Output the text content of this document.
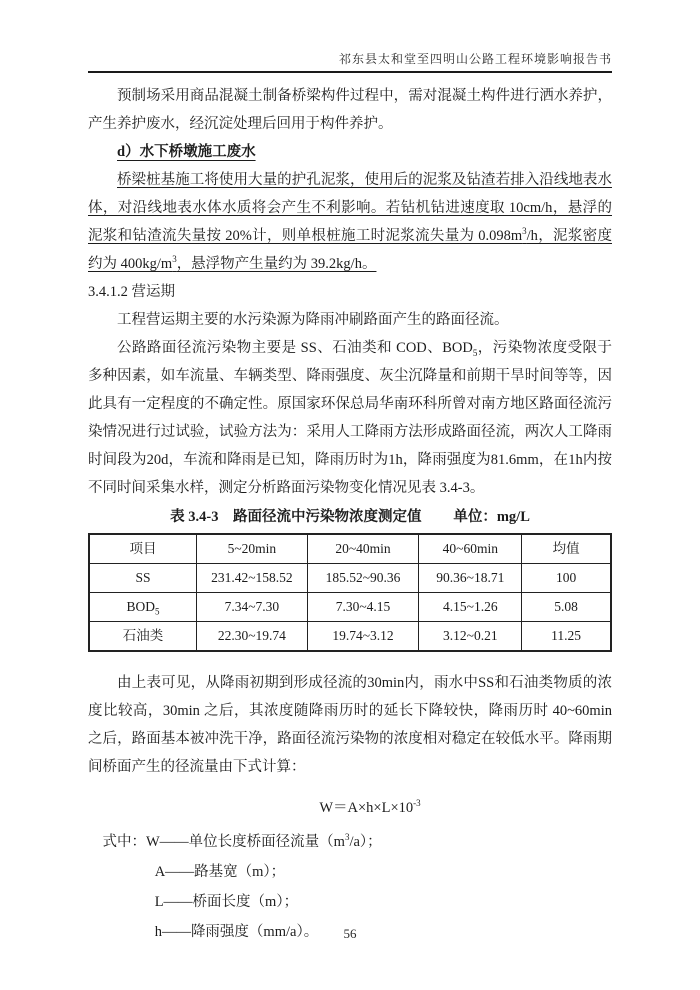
祁东县太和堂至四明山公路工程环境影响报告书

预制场采用商品混凝土制备桥梁构件过程中，需对混凝土构件进行洒水养护，产生养护废水，经沉淀处理后回用于构件养护。

d）水下桥墩施工废水

桥梁桩基施工将使用大量的护孔泥浆，使用后的泥浆及钻渣若排入沿线地表水体，对沿线地表水体水质将会产生不利影响。若钻机钻进速度取 10cm/h，悬浮的泥浆和钻渣流失量按 20%计，则单根桩施工时泥浆流失量为 $0.098m^3/h$，泥浆密度约为 $400kg/m^3$，悬浮物产生量约为 39.2kg/h。

3.4.1.2 营运期

工程营运期主要的水污染源为降雨冲刷路面产生的路面径流。

公路路面径流污染物主要是 SS、石油类和 COD、$BOD_5$，污染物浓度受限于多种因素，如车流量、车辆类型、降雨强度、灰尘沉降量和前期干旱时间等等，因此具有一定程度的不确定性。原国家环保总局华南环科所曾对南方地区路面径流污染情况进行过试验，试验方法为：采用人工降雨方法形成路面径流，两次人工降雨时间段为20d，车流和降雨是已知，降雨历时为1h，降雨强度为81.6mm，在1h内按不同时间采集水样，测定分析路面污染物变化情况见表 3.4-3。

表 3.4-3　路面径流中污染物浓度测定值 单位：mg/L
项目	5~20min	20~40min	40~60min	均值
SS	231.42~158.52	185.52~90.36	90.36~18.71	100
$BOD_5$	7.34~7.30	7.30~4.15	4.15~1.26	5.08
石油类	22.30~19.74	19.74~3.12	3.12~0.21	11.25

由上表可见，从降雨初期到形成径流的30min内，雨水中SS和石油类物质的浓度比较高，30min 之后，其浓度随降雨历时的延长下降较快，降雨历时 40~60min 之后，路面基本被冲洗干净，路面径流污染物的浓度相对稳定在较低水平。降雨期间桥面产生的径流量由下式计算：

$W=A\times h\times L\times 10^{-3}$

式中：W——单位长度桥面径流量$(m^3/a)$；

A——路基宽（m）；

L——桥面长度（m）；

h——降雨强度（mm/a）。	56
